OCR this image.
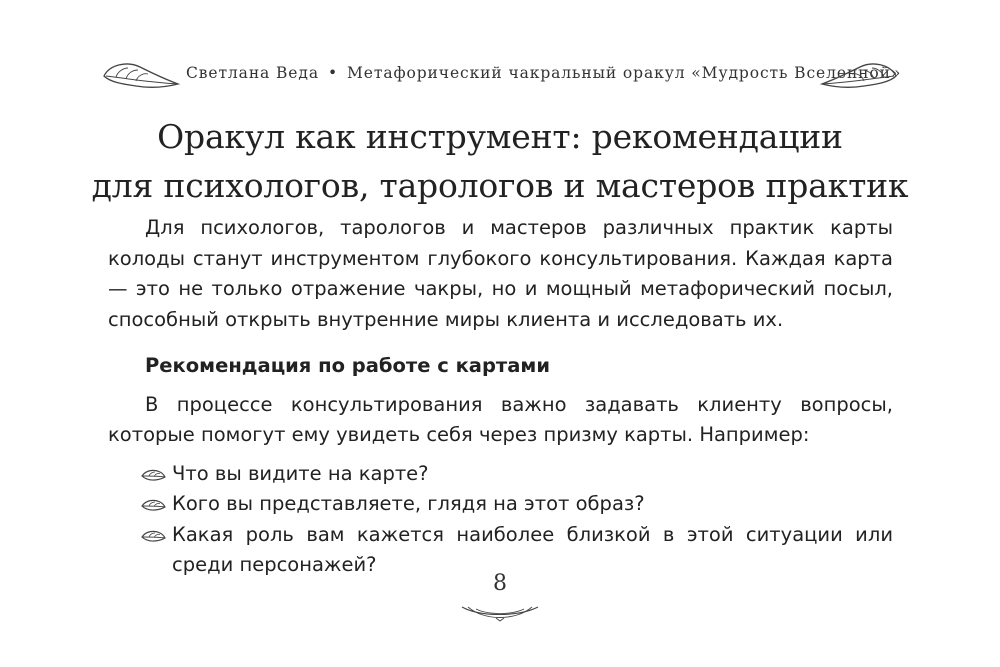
Светлана Веда • Метафорический чакральный оракул «Мудрость Вселенной»
Оракул как инструмент: рекомендации
для психологов, тарологов и мастеров практик

Для психологов, тарологов и мастеров различных практик карты колоды станут инструментом глубокого консультирования. Каждая карта — это не только отражение чакры, но и мощный метафорический посыл, способный открыть внутренние миры клиента и исследовать их.

Рекомендация по работе с картами

В процессе консультирования важно задавать клиенту вопросы, которые помогут ему увидеть себя через призму карты. Например:

Что вы видите на карте?
Кого вы представляете, глядя на этот образ?
Какая роль вам кажется наиболее близкой в этой ситуации или среди персонажей?
8
